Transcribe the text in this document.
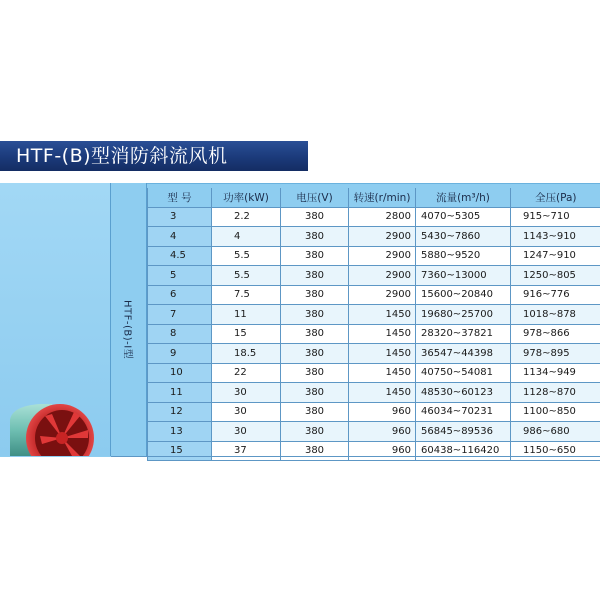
HTF-(B)型消防斜流风机
HTF-(B)-Ⅰ型
型 号	功率(kW)	电压(V)	转速(r/min)	流量(m³/h)	全压(Pa)
3	2.2	380	2800	4070~5305	915~710
4	4	380	2900	5430~7860	1143~910
4.5	5.5	380	2900	5880~9520	1247~910
5	5.5	380	2900	7360~13000	1250~805
6	7.5	380	2900	15600~20840	916~776
7	11	380	1450	19680~25700	1018~878
8	15	380	1450	28320~37821	978~866
9	18.5	380	1450	36547~44398	978~895
10	22	380	1450	40750~54081	1134~949
11	30	380	1450	48530~60123	1128~870
12	30	380	960	46034~70231	1100~850
13	30	380	960	56845~89536	986~680
15	37	380	960	60438~116420	1150~650
